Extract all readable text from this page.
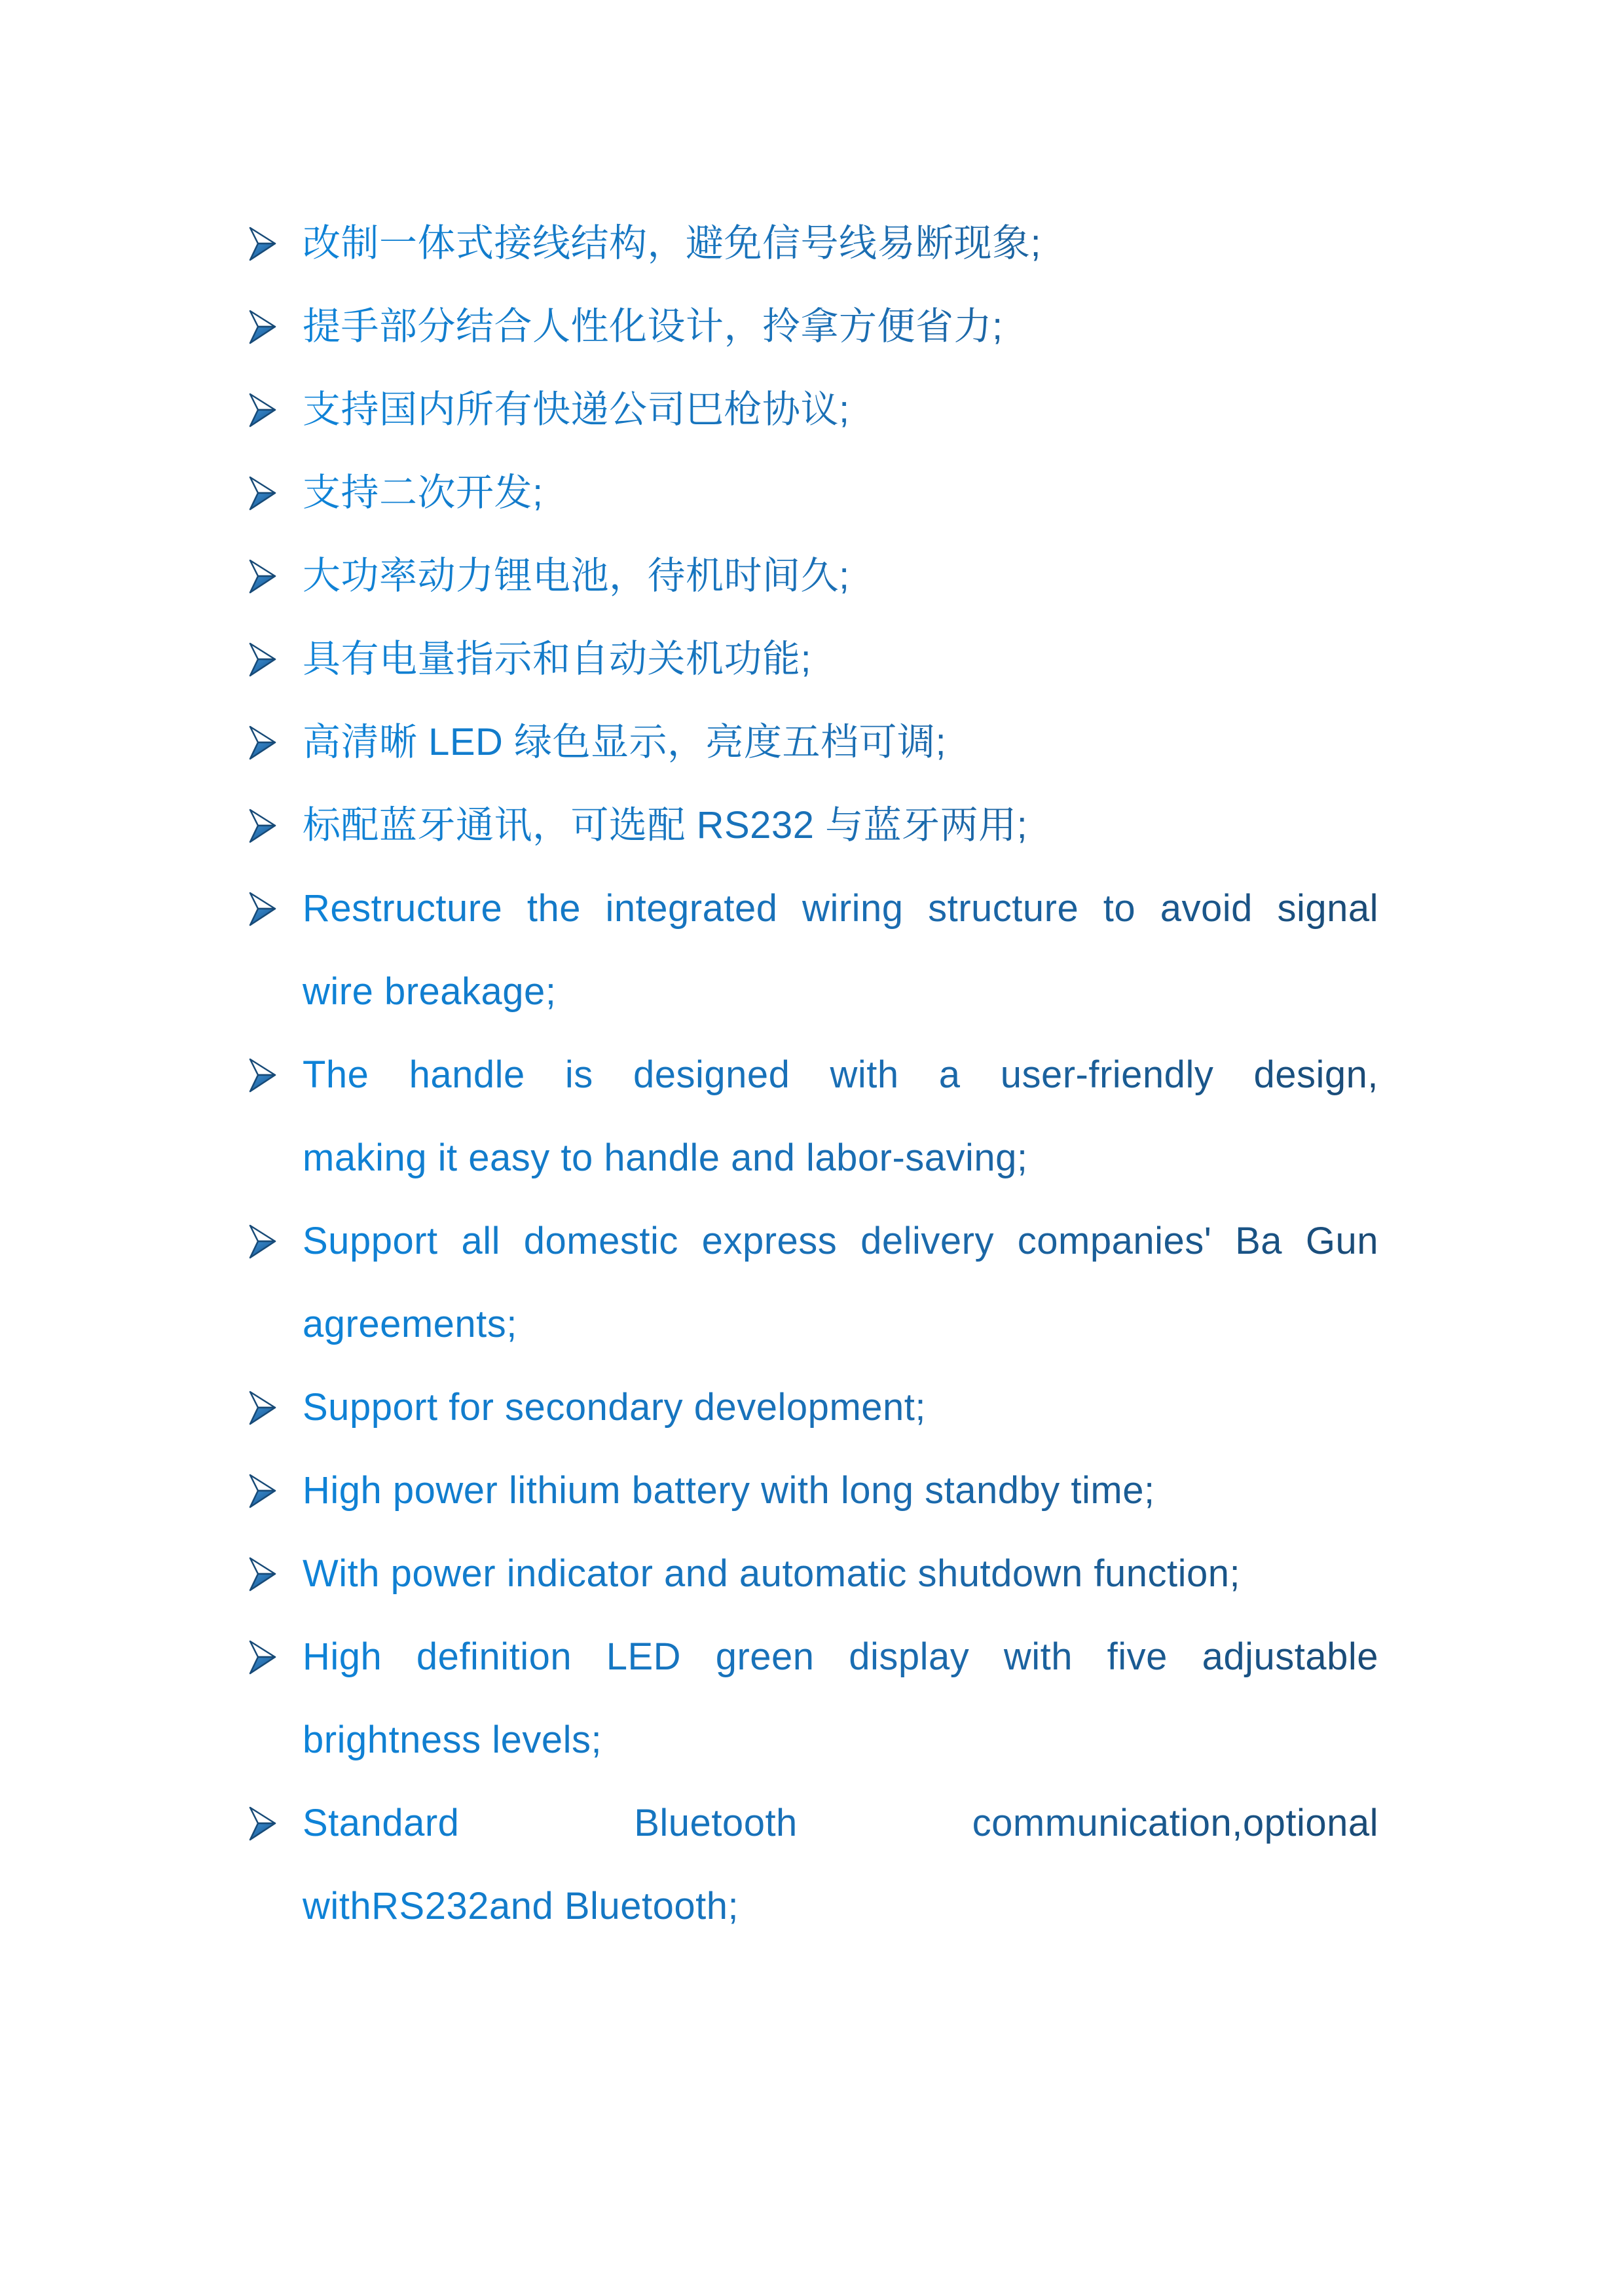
改制一体式接线结构，避免信号线易断现象;
提手部分结合人性化设计，拎拿方便省力;
支持国内所有快递公司巴枪协议;
支持二次开发;
大功率动力锂电池，待机时间久;
具有电量指示和自动关机功能;
高清晰 LED 绿色显示，亮度五档可调;
标配蓝牙通讯，可选配 RS232 与蓝牙两用;
Restructure the integrated wiring structure to avoid signal
wire breakage;
The handle is designed with a user-friendly design,
making it easy to handle and labor-saving;
Support all domestic express delivery companies' Ba Gun
agreements;
Support for secondary development;
High power lithium battery with long standby time;
With power indicator and automatic shutdown function;
High definition LED green display with five adjustable
brightness levels;
Standard Bluetooth communication,optional
withRS232and Bluetooth;
